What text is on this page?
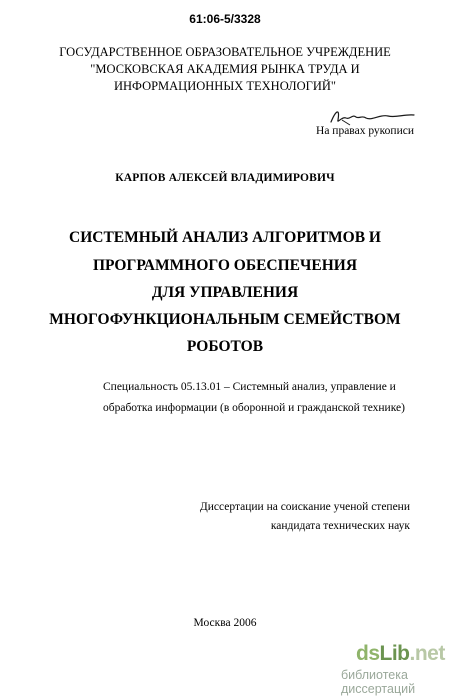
61:06-5/3328
ГОСУДАРСТВЕННОЕ ОБРАЗОВАТЕЛЬНОЕ УЧРЕЖДЕНИЕ
"МОСКОВСКАЯ АКАДЕМИЯ РЫНКА ТРУДА И
ИНФОРМАЦИОННЫХ ТЕХНОЛОГИЙ"
На правах рукописи
КАРПОВ АЛЕКСЕЙ ВЛАДИМИРОВИЧ
СИСТЕМНЫЙ АНАЛИЗ АЛГОРИТМОВ И
ПРОГРАММНОГО ОБЕСПЕЧЕНИЯ
ДЛЯ УПРАВЛЕНИЯ
МНОГОФУНКЦИОНАЛЬНЫМ СЕМЕЙСТВОМ
РОБОТОВ
Специальность 05.13.01 – Системный анализ, управление и
обработка информации (в оборонной и гражданской технике)
Диссертации на соискание ученой степени
кандидата технических наук
Москва 2006
dsLib.net
библиотека диссертаций
